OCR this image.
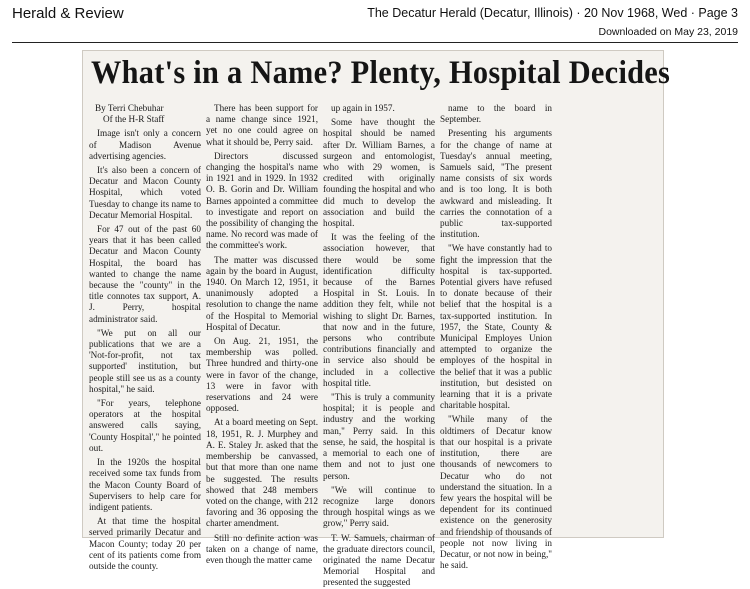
Herald & Review	The Decatur Herald (Decatur, Illinois) · 20 Nov 1968, Wed · Page 3
Downloaded on May 23, 2019
What's in a Name? Plenty, Hospital Decides

By Terri Chebuhar

Of the H-R Staff

Image isn't only a concern of Madison Avenue advertising agencies.

It's also been a concern of Decatur and Macon County Hospital, which voted Tuesday to change its name to Decatur Memorial Hospital.

For 47 out of the past 60 years that it has been called Decatur and Macon County Hospital, the board has wanted to change the name because the "county" in the title connotes tax support, A. J. Perry, hospital administrator said.

"We put on all our publications that we are a 'Not-for-profit, not tax supported' institution, but people still see us as a county hospital," he said.

"For years, telephone operators at the hospital answered calls saying, 'County Hospital'," he pointed out.

In the 1920s the hospital received some tax funds from the Macon County Board of Supervisers to help care for indigent patients.

At that time the hospital served primarily Decatur and Macon County; today 20 per cent of its patients come from outside the county.

There has been support for a name change since 1921, yet no one could agree on what it should be, Perry said.

Directors discussed changing the hospital's name in 1921 and in 1929. In 1932 O. B. Gorin and Dr. William Barnes appointed a committee to investigate and report on the possibility of changing the name. No record was made of the committee's work.

The matter was discussed again by the board in August, 1940. On March 12, 1951, it unanimously adopted a resolution to change the name of the Hospital to Memorial Hospital of Decatur.

On Aug. 21, 1951, the membership was polled. Three hundred and thirty-one were in favor of the change, 13 were in favor with reservations and 24 were opposed.

At a board meeting on Sept. 18, 1951, R. J. Murphey and A. E. Staley Jr. asked that the membership be canvassed, but that more than one name be suggested. The results showed that 248 members voted on the change, with 212 favoring and 36 opposing the charter amendment.

Still no definite action was taken on a change of name, even though the matter came

up again in 1957.

Some have thought the hospital should be named after Dr. William Barnes, a surgeon and entomologist, who with 29 women, is credited with originally founding the hospital and who did much to develop the association and build the hospital.

It was the feeling of the association however, that there would be some identification difficulty because of the Barnes Hospital in St. Louis. In addition they felt, while not wishing to slight Dr. Barnes, that now and in the future, persons who contribute contributions financially and in service also should be included in a collective hospital title.

"This is truly a community hospital; it is people and industry and the working man," Perry said. In this sense, he said, the hospital is a memorial to each one of them and not to just one person.

"We will continue to recognize large donors through hospital wings as we grow," Perry said.

T. W. Samuels, chairman of the graduate directors council, originated the name Decatur Memorial Hospital and presented the suggested

name to the board in September.

Presenting his arguments for the change of name at Tuesday's annual meeting, Samuels said, "The present name consists of six words and is too long. It is both awkward and misleading. It carries the connotation of a public tax-supported institution.

"We have constantly had to fight the impression that the hospital is tax-supported. Potential givers have refused to donate because of their belief that the hospital is a tax-supported institution. In 1957, the State, County & Municipal Employes Union attempted to organize the employes of the hospital in the belief that it was a public institution, but desisted on learning that it is a private charitable hospital.

"While many of the oldtimers of Decatur know that our hospital is a private institution, there are thousands of newcomers to Decatur who do not understand the situation. In a few years the hospital will be dependent for its continued existence on the generosity and friendship of thousands of people not now living in Decatur, or not now in being," he said.
